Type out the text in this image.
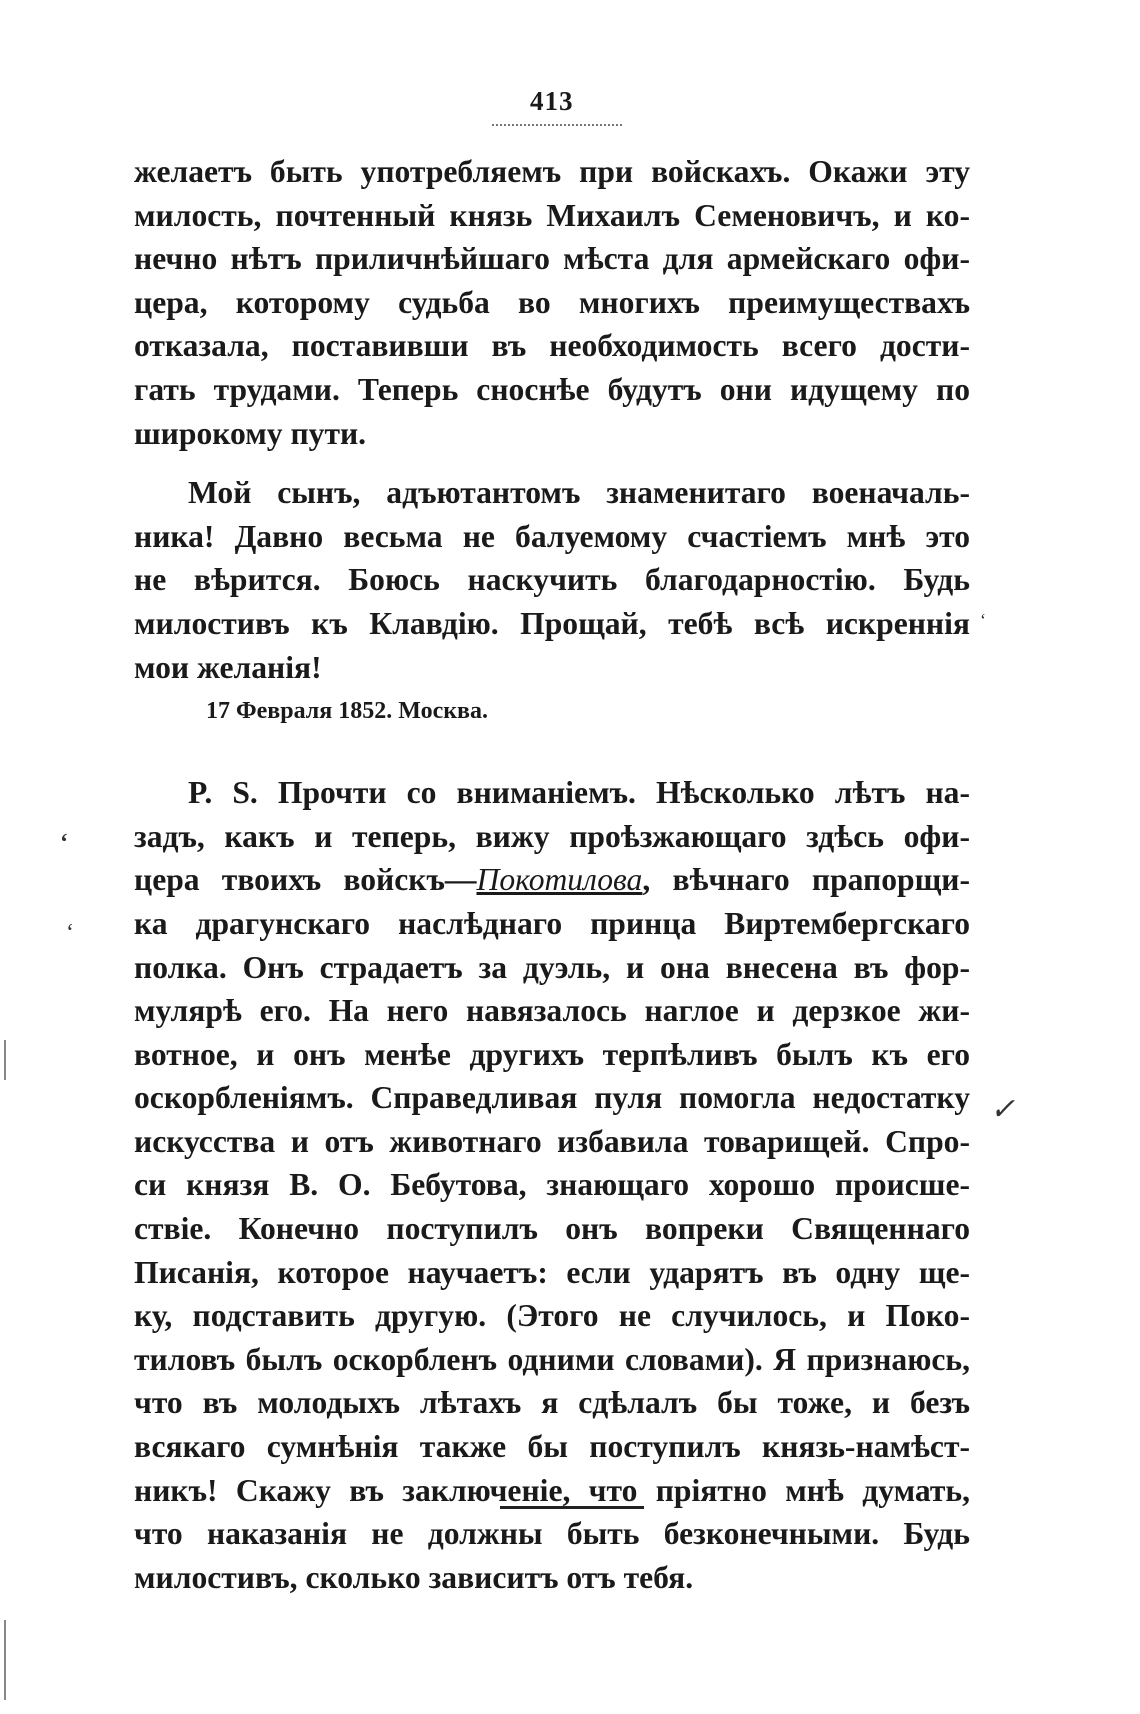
413
желаетъ быть употребляемъ при войскахъ. Окажи эту
милость, почтенный князь Михаилъ Семеновичъ, и ко-
нечно нѣтъ приличнѣйшаго мѣста для армейскаго офи-
цера, которому судьба во многихъ преимуществахъ
отказала, поставивши въ необходимость всего дости-
гать трудами. Теперь сноснѣе будутъ они идущему по
широкому пути.
Мой сынъ, адъютантомъ знаменитаго военачаль-
ника! Давно весьма не балуемому счастіемъ мнѣ это
не вѣрится. Боюсь наскучить благодарностію. Будь
милостивъ къ Клавдію. Прощай, тебѣ всѣ искреннія
мои желанія!
17 Февраля 1852. Москва.
P. S. Прочти со вниманіемъ. Нѣсколько лѣтъ на-
задъ, какъ и теперь, вижу проѣзжающаго здѣсь офи-
цера твоихъ войскъ—Покотилова, вѣчнаго прапорщи-
ка драгунскаго наслѣднаго принца Виртембергскаго
полка. Онъ страдаетъ за дуэль, и она внесена въ фор-
мулярѣ его. На него навязалось наглое и дерзкое жи-
вотное, и онъ менѣе другихъ терпѣливъ былъ къ его
оскорбленіямъ. Справедливая пуля помогла недостатку
искусства и отъ животнаго избавила товарищей. Спро-
си князя В. О. Бебутова, знающаго хорошо происше-
ствіе. Конечно поступилъ онъ вопреки Священнаго
Писанія, которое научаетъ: если ударятъ въ одну ще-
ку, подставить другую. (Этого не случилось, и Поко-
тиловъ былъ оскорбленъ одними словами). Я признаюсь,
что въ молодыхъ лѣтахъ я сдѣлалъ бы тоже, и безъ
всякаго сумнѣнія также бы поступилъ князь-намѣст-
никъ! Скажу въ заключеніе, что пріятно мнѣ думать,
что наказанія не должны быть безконечными. Будь
милостивъ, сколько зависитъ отъ тебя.
✓
ʻ
ʻ
ʻ
